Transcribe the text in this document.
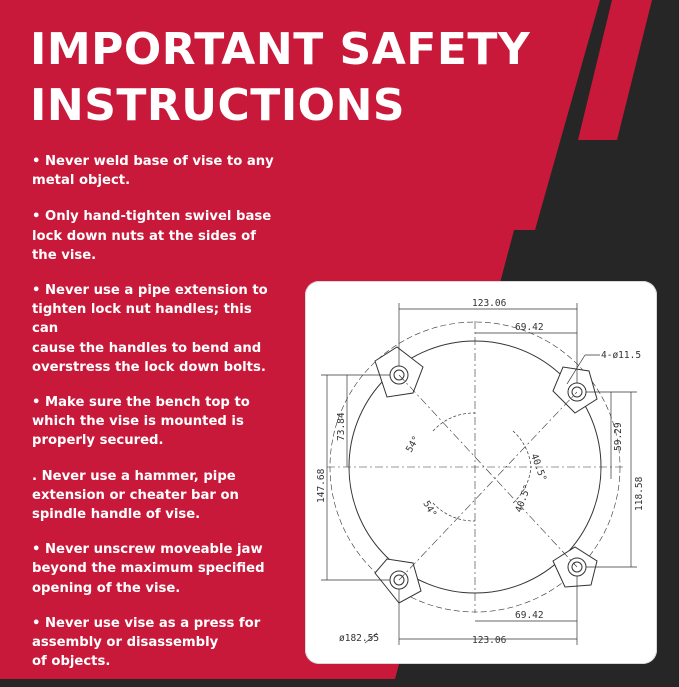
IMPORTANT SAFETY
INSTRUCTIONS
• Never weld base of vise to any
metal object.
• Only hand-tighten swivel base
lock down nuts at the sides of
the vise.
• Never use a pipe extension to
tighten lock nut handles; this can
cause the handles to bend and
overstress the lock down bolts.
• Make sure the bench top to
which the vise is mounted is
properly secured.
. Never use a hammer, pipe
extension or cheater bar on
spindle handle of vise.
• Never unscrew moveable jaw
beyond the maximum specified
opening of the vise.
• Never use vise as a press for
assembly or disassembly
of objects.
123.06
69.42
4-ø11.5
73.84
147.68
59.29
118.58
54°
54°
40.5°
40.5°
69.42
123.06
ø182.55
